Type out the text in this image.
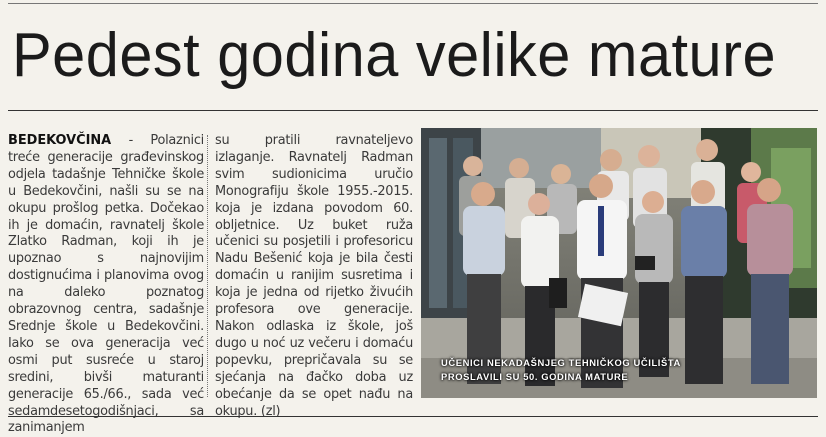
Pedest godina velike mature
BEDEKOVČINA - Polaznici treće generacije građevinskog odjela tadašnje Tehničke škole u Bedekovčini, našli su se na okupu prošlog petka. Dočekao ih je domaćin, ravnatelj škole Zlatko Radman, koji ih je upoznao s najnovijim dostignućima i planovima ovog na daleko poznatog obrazovnog centra, sadašnje Srednje škole u Bedekovčini. Iako se ova generacija već osmi put susreće u staroj sredini, bivši maturanti generacije 65./66., sada već sedamdesetogodišnjaci, sa zanimanjem
su pratili ravnateljevo izlaganje. Ravnatelj Radman svim sudionicima uručio Monografiju škole 1955.-2015. koja je izdana povodom 60. obljetnice. Uz buket ruža učenici su posjetili i profesoricu Nadu Bešenić koja je bila česti domaćin u ranijim susretima i koja je jedna od rijetko živućih profesora ove generacije. Nakon odlaska iz škole, još dugo u noć uz večeru i domaću popevku, prepričavala su se sjećanja na đačko doba uz obećanje da se opet nađu na okupu. (zl)
UČENICI NEKADAŠNJEG TEHNIČKOG UČILIŠTA PROSLAVILI SU 50. GODINA MATURE
